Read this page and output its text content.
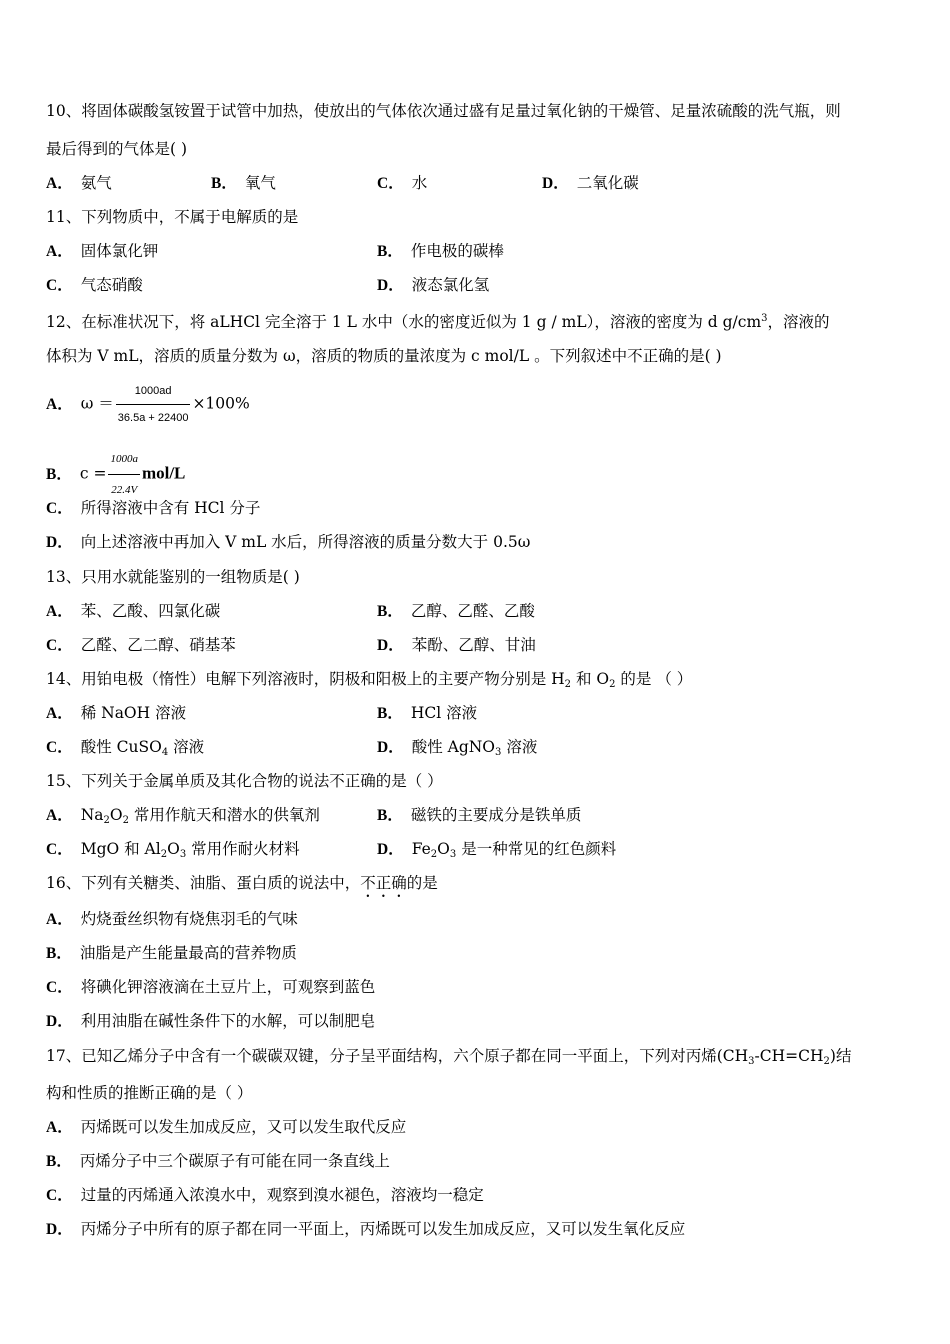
10、将固体碳酸氢铵置于试管中加热，使放出的气体依次通过盛有足量过氧化钠的干燥管、足量浓硫酸的洗气瓶，则
最后得到的气体是( )
A． 氨气	B． 氧气	C． 水	D． 二氧化碳
11、下列物质中，不属于电解质的是
A． 固体氯化钾	B． 作电极的碳棒
C． 气态硝酸	D． 液态氯化氢
12、在标准状况下，将 aLHCl 完全溶于 1 L 水中（水的密度近似为 1 g / mL），溶液的密度为 d $g/cm^3$，溶液的
体积为 V mL，溶质的质量分数为 ω，溶质的物质的量浓度为 c mol/L 。下列叙述中不正确的是( )
A． $\omega = \frac{1000ad}{36.5a + 22400} \times 100\%$
B． $c = \frac{1000a}{22.4V} mol/L$
C． 所得溶液中含有 HCl 分子
D． 向上述溶液中再加入 V mL 水后，所得溶液的质量分数大于 0.5ω
13、只用水就能鉴别的一组物质是( )
A． 苯、乙酸、四氯化碳	B． 乙醇、乙醛、乙酸
C． 乙醛、乙二醇、硝基苯	D． 苯酚、乙醇、甘油
14、用铂电极（惰性）电解下列溶液时，阴极和阳极上的主要产物分别是 $H_2$ 和 $O_2$ 的是 （ ）
A． 稀 NaOH 溶液	B． HCl 溶液
C． 酸性 CuSO$_4$ 溶液	D． 酸性 AgNO$_3$ 溶液
15、下列关于金属单质及其化合物的说法不正确的是（ ）
A． $Na_2O_2$ 常用作航天和潜水的供氧剂	B． 磁铁的主要成分是铁单质
C． MgO 和 $Al_2O_3$ 常用作耐火材料	D． $Fe_2O_3$ 是一种常见的红色颜料
16、下列有关糖类、油脂、蛋白质的说法中，不正确的是
A． 灼烧蚕丝织物有烧焦羽毛的气味
B． 油脂是产生能量最高的营养物质
C． 将碘化钾溶液滴在土豆片上，可观察到蓝色
D． 利用油脂在碱性条件下的水解，可以制肥皂
17、已知乙烯分子中含有一个碳碳双键，分子呈平面结构，六个原子都在同一平面上，下列对丙烯$(CH_3-CH=CH_2)$结
构和性质的推断正确的是（ ）
A． 丙烯既可以发生加成反应，又可以发生取代反应
B． 丙烯分子中三个碳原子有可能在同一条直线上
C． 过量的丙烯通入浓溴水中，观察到溴水褪色，溶液均一稳定
D． 丙烯分子中所有的原子都在同一平面上，丙烯既可以发生加成反应，又可以发生氧化反应
